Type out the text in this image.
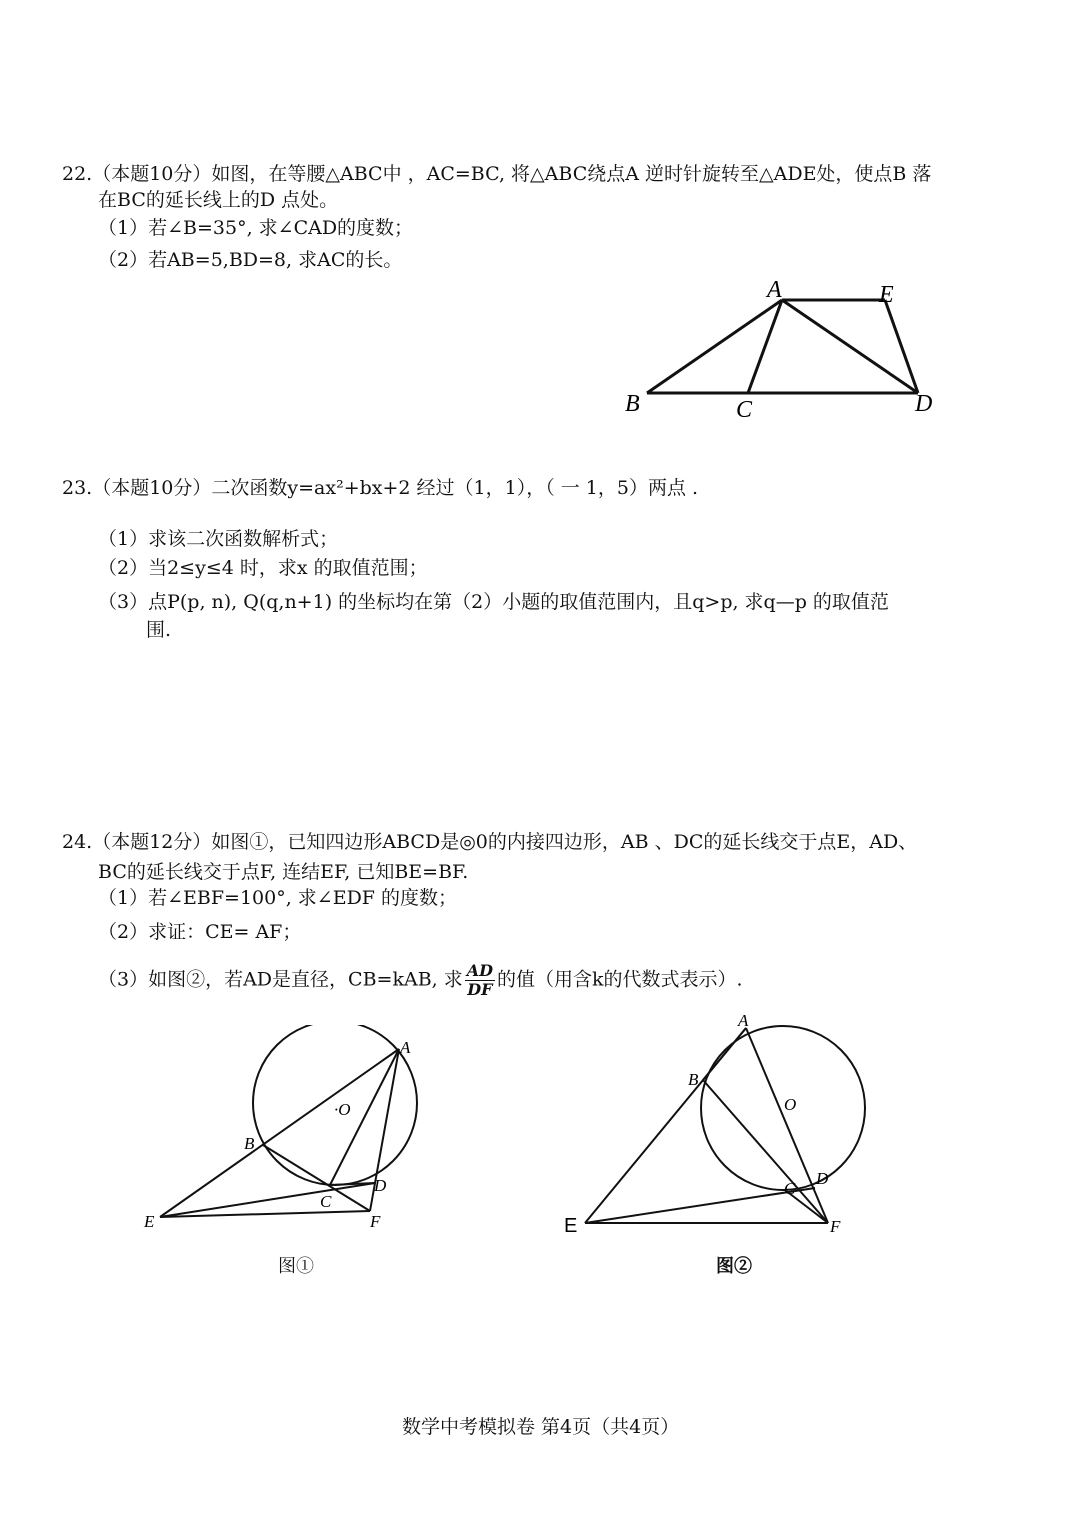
22.（本题10分）如图，在等腰△ABC中 ，AC=BC, 将△ABC绕点A 逆时针旋转至△ADE处，使点B 落
在BC的延长线上的D 点处。
（1）若∠B=35°, 求∠CAD的度数；
（2）若AB=5,BD=8, 求AC的长。
A	E
B	C	D
23.（本题10分）二次函数y=ax²+bx+2 经过（1，1），（ 一 1，5）两点 .
（1）求该二次函数解析式；
（2）当2≤y≤4 时，求x 的取值范围；
（3）点P(p, n), Q(q,n+1) 的坐标均在第（2）小题的取值范围内，且q>p, 求q—p 的取值范
围.
24.（本题12分）如图①，已知四边形ABCD是◎0的内接四边形，AB 、DC的延长线交于点E，AD、
BC的延长线交于点F, 连结EF, 已知BE=BF.
（1）若∠EBF=100°, 求∠EDF 的度数；
（2）求证：CE= AF；
（3）如图②，若AD是直径，CB=kAB, 求 $\frac{AD}{DF}$ 的值（用含k的代数式表示）.
A
·O
B
C
D
E	F
图①
A
B
O
C
D
E	F
图②
数学中考模拟卷 第4页（共4页）
